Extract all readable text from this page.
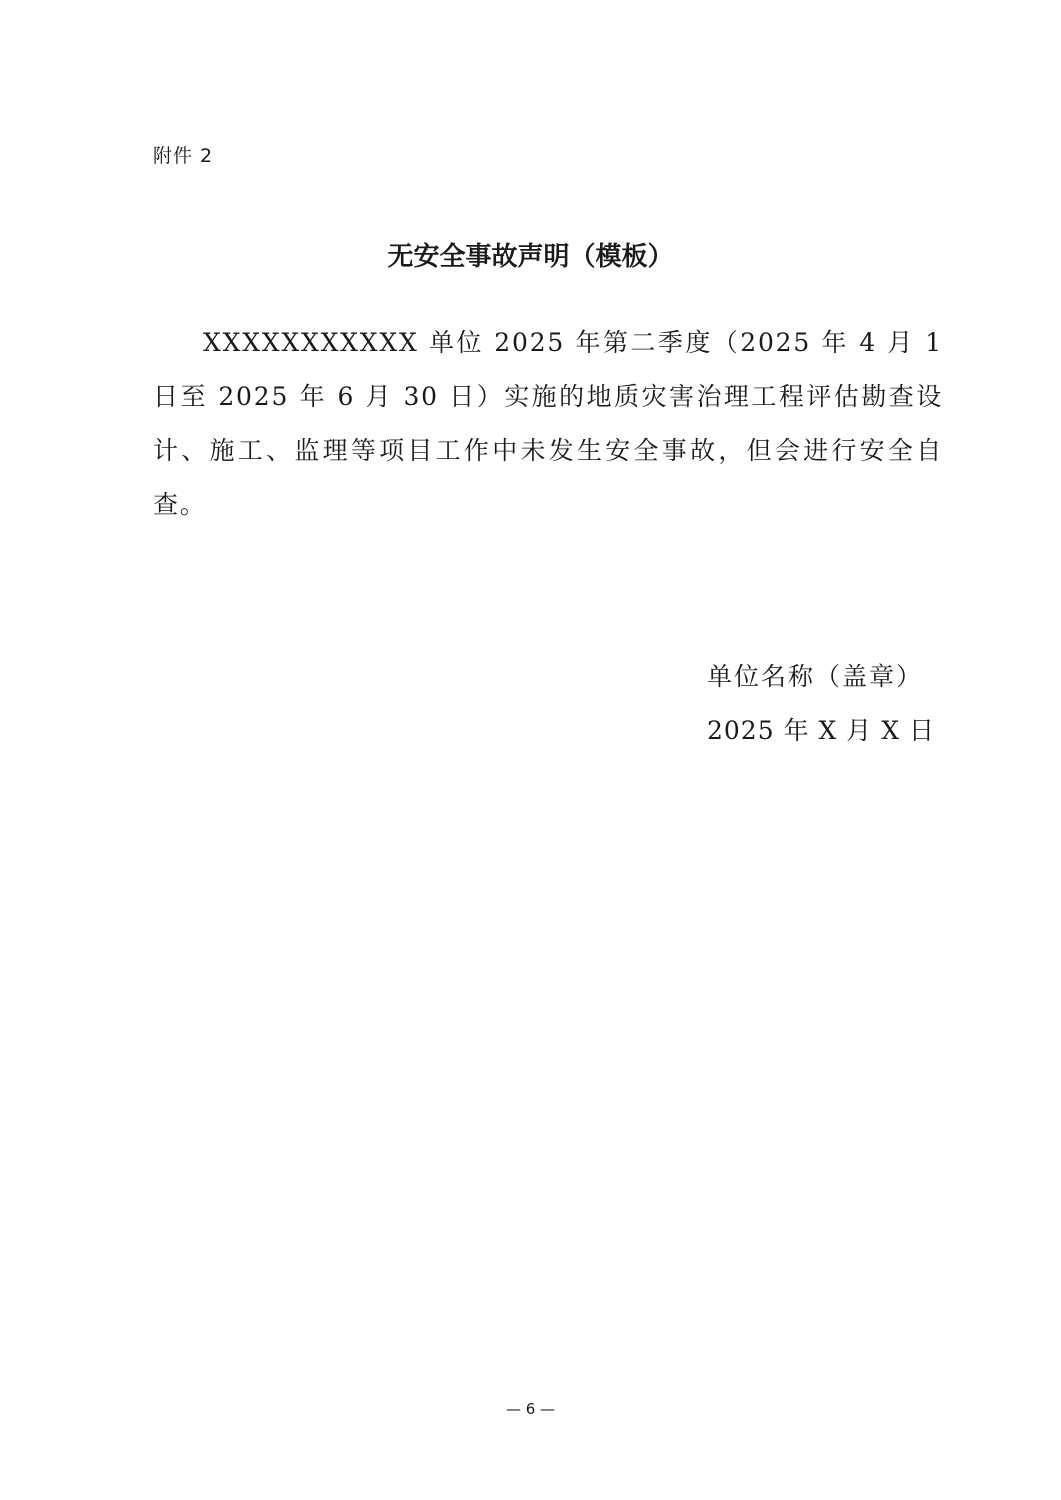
附件 2
无安全事故声明（模板）

XXXXXXXXXXX 单位 2025 年第二季度（2025 年 4 月 1 日至 2025 年 6 月 30 日）实施的地质灾害治理工程评估勘查设计、施工、监理等项目工作中未发生安全事故，但会进行安全自查。

单位名称（盖章）
2025 年 X 月 X 日
— 6 —
